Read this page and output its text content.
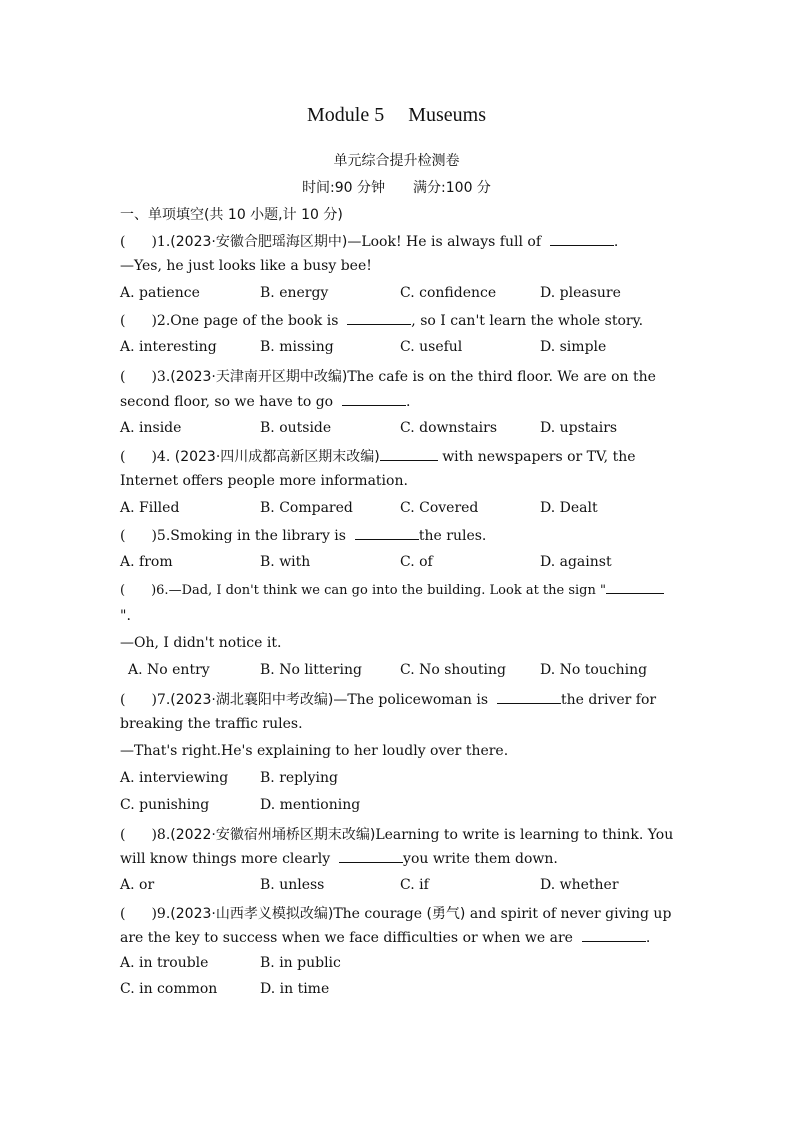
Module 5 Museums
单元综合提升检测卷
时间:90 分钟 满分:100 分
一、单项填空(共 10 小题,计 10 分)
( )1.(2023·安徽合肥瑶海区期中)—Look! He is always full of	.
—Yes, he just looks like a busy bee!
A. patience	B. energy	C. confidence	D. pleasure
( )2.One page of the book is	, so I can't learn the whole story.
A. interesting	B. missing	C. useful	D. simple
( )3.(2023·天津南开区期中改编)The cafe is on the third floor. We are on the
second floor, so we have to go	.
A. inside	B. outside	C. downstairs	D. upstairs
( )4. (2023·四川成都高新区期末改编)	with newspapers or TV, the
Internet offers people more information.
A. Filled	B. Compared	C. Covered	D. Dealt
( )5.Smoking in the library is	the rules.
A. from	B. with	C. of	D. against
( )6.—Dad, I don't think we can go into the building. Look at the sign "
".
—Oh, I didn't notice it.
A. No entry	B. No littering	C. No shouting D. No touching
( )7.(2023·湖北襄阳中考改编)—The policewoman is	the driver for
breaking the traffic rules.
—That's right.He's explaining to her loudly over there.
A. interviewing B. replying
C. punishing	D. mentioning
( )8.(2022·安徽宿州埇桥区期末改编)Learning to write is learning to think. You
will know things more clearly	you write them down.
A. or	B. unless	C. if	D. whether
( )9.(2023·山西孝义模拟改编)The courage (勇气) and spirit of never giving up
are the key to success when we face difficulties or when we are	.
A. in trouble	B. in public
C. in common	D. in time
